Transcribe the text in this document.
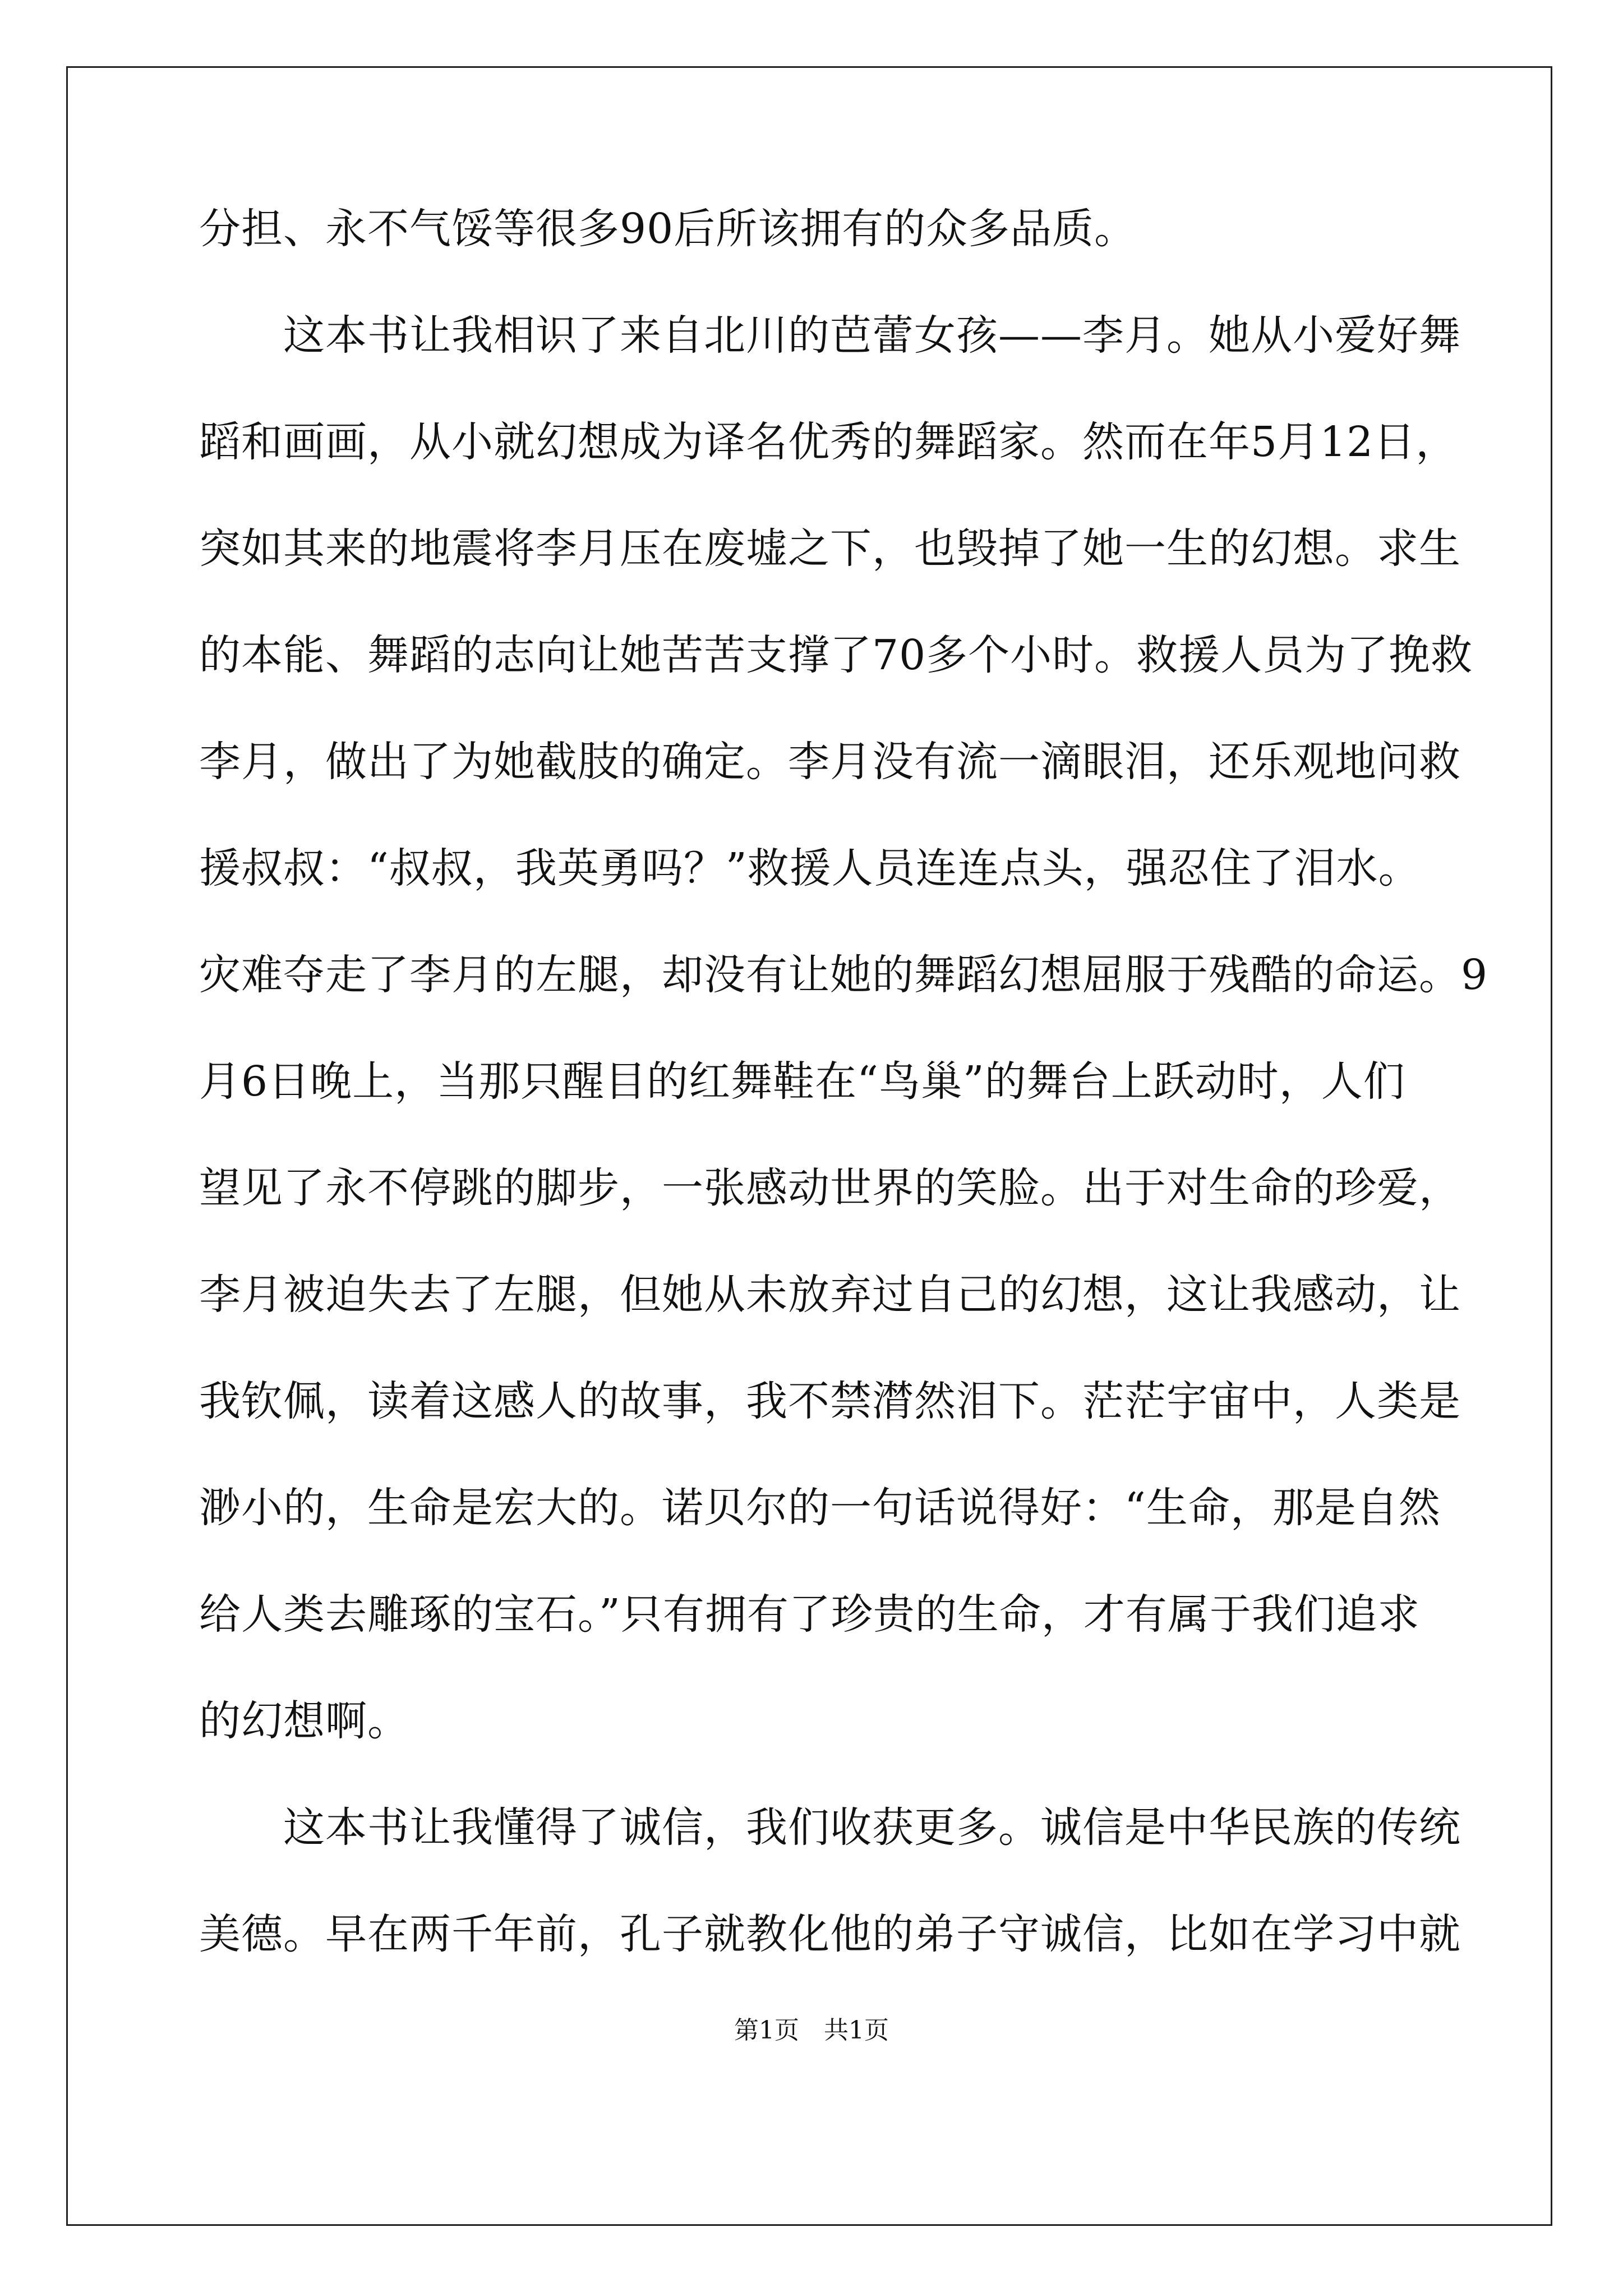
分担、永不气馁等很多90后所该拥有的众多品质。
　　这本书让我相识了来自北川的芭蕾女孩——李月。她从小爱好舞
蹈和画画，从小就幻想成为译名优秀的舞蹈家。然而在年5月12日，
突如其来的地震将李月压在废墟之下，也毁掉了她一生的幻想。求生
的本能、舞蹈的志向让她苦苦支撑了70多个小时。救援人员为了挽救
李月，做出了为她截肢的确定。李月没有流一滴眼泪，还乐观地问救
援叔叔：“叔叔，我英勇吗？”救援人员连连点头，强忍住了泪水。
灾难夺走了李月的左腿，却没有让她的舞蹈幻想屈服于残酷的命运。9
月6日晚上，当那只醒目的红舞鞋在“鸟巢”的舞台上跃动时，人们
望见了永不停跳的脚步，一张感动世界的笑脸。出于对生命的珍爱，
李月被迫失去了左腿，但她从未放弃过自己的幻想，这让我感动，让
我钦佩，读着这感人的故事，我不禁潸然泪下。茫茫宇宙中，人类是
渺小的，生命是宏大的。诺贝尔的一句话说得好：“生命，那是自然
给人类去雕琢的宝石。”只有拥有了珍贵的生命，才有属于我们追求
的幻想啊。
　　这本书让我懂得了诚信，我们收获更多。诚信是中华民族的传统
美德。早在两千年前，孔子就教化他的弟子守诚信，比如在学习中就
第1页　共1页
